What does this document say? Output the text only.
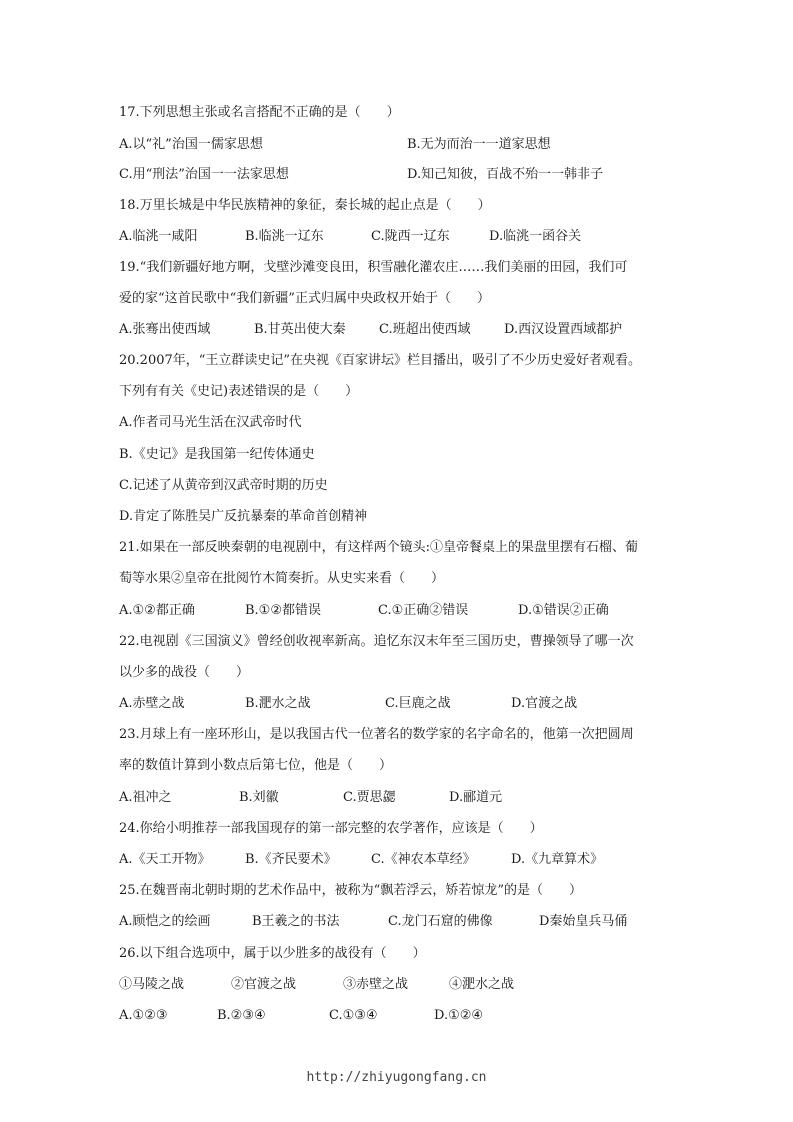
17.下列思想主张或名言搭配不正确的是（　　）
A.以“礼”治国一儒家思想	B.无为而治一一道家思想
C.用“刑法”治国一一法家思想	D.知己知彼，百战不殆一一韩非子
18.万里长城是中华民族精神的象征，秦长城的起止点是（　　）
A.临洮一咸阳	B.临洮一辽东	C.陇西一辽东	D.临洮一函谷关
19.“我们新疆好地方啊，戈壁沙滩变良田，积雪融化灌农庄……我们美丽的田园，我们可
爱的家“这首民歌中“我们新疆”正式归属中央政权开始于（　　）
A.张骞出使西域	B.甘英出使大秦	C.班超出使西域	D.西汉设置西域都护
20.2007年，“王立群读史记”在央视《百家讲坛》栏目播出，吸引了不少历史爱好者观看。
下列有有关《史记)表述错误的是（　　）
A.作者司马光生活在汉武帝时代
B.《史记》是我国第一纪传体通史
C.记述了从黄帝到汉武帝时期的历史
D.肯定了陈胜吴广反抗暴秦的革命首创精神
21.如果在一部反映秦朝的电视剧中，有这样两个镜头:①皇帝餐桌上的果盘里摆有石榴、葡
萄等水果②皇帝在批阅竹木简奏折。从史实来看（　　）
A.①②都正确	B.①②都错误	C.①正确②错误	D.①错误②正确
22.电视剧《三国演义》曾经创收视率新高。追忆东汉末年至三国历史，曹操领导了哪一次
以少多的战役（　　）
A.赤壁之战	B.淝水之战	C.巨鹿之战	D.官渡之战
23.月球上有一座环形山，是以我国古代一位著名的数学家的名字命名的，他第一次把圆周
率的数值计算到小数点后第七位，他是（　　）
A.祖冲之	B.刘徽	C.贾思勰	D.郦道元
24.你给小明推荐一部我国现存的第一部完整的农学著作，应该是（　　）
A.《天工开物》	B.《齐民要术》	C.《神农本草经》	D.《九章算术》
25.在魏晋南北朝时期的艺术作品中，被称为“飘若浮云，矫若惊龙”的是（　　）
A.顾恺之的绘画	B王羲之的书法	C.龙门石窟的佛像	D秦始皇兵马俑
26.以下组合选项中，属于以少胜多的战役有（　　）
①马陵之战	②官渡之战	③赤壁之战	④淝水之战
A.①②③	B.②③④	C.①③④	D.①②④
http://zhiyugongfang.cn
